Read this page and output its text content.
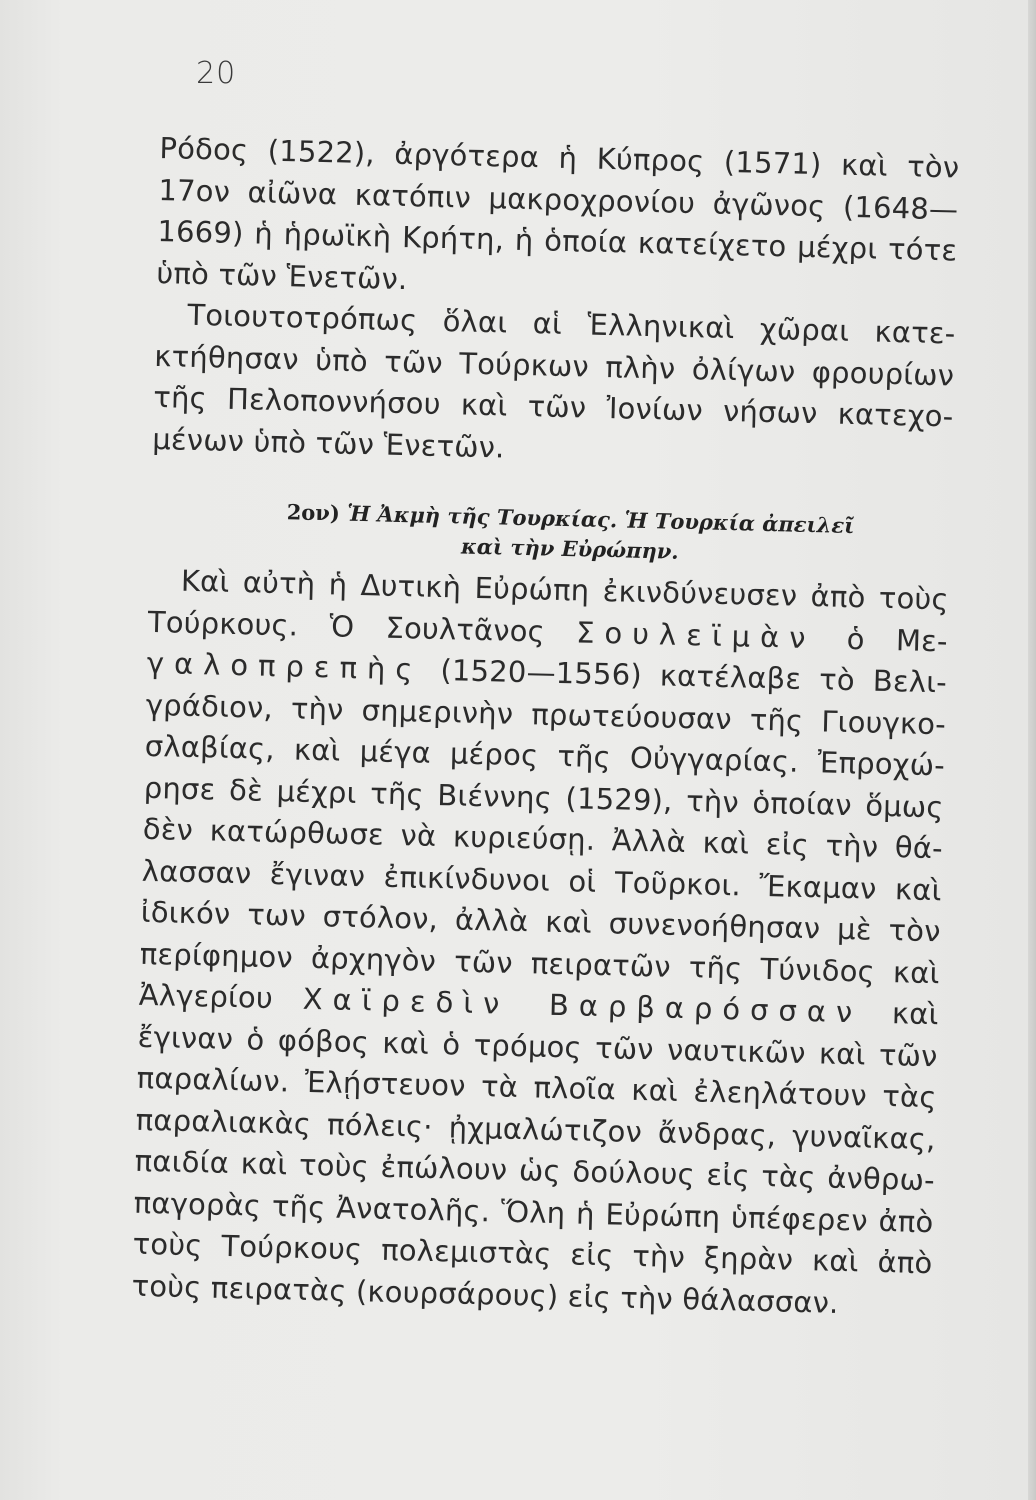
20

Ρόδος (1522), ἀργότερα ἡ Κύπρος (1571) καὶ τὸν 17ον αἰῶνα κατόπιν μακροχρονίου ἀγῶνος (1648—1669) ἡ ἡρωϊκὴ Κρήτη, ἡ ὁποία κατείχετο μέχρι τότε ὑπὸ τῶν Ἑνετῶν.

Τοιουτοτρόπως ὅλαι αἱ Ἑλληνικαὶ χῶραι κατεκτήθησαν ὑπὸ τῶν Τούρκων πλὴν ὀλίγων φρουρίων τῆς Πελοποννήσου καὶ τῶν Ἰονίων νήσων κατεχομένων ὑπὸ τῶν Ἑνετῶν.

2ον) Ἡ Ἀκμὴ τῆς Τουρκίας. Ἡ Τουρκία ἀπειλεῖ
καὶ τὴν Εὐρώπην.

Καὶ αὐτὴ ἡ Δυτικὴ Εὐρώπη ἐκινδύνευσεν ἀπὸ τοὺς Τούρκους. Ὁ Σουλτᾶνος Σουλεϊμὰν ὁ Με- γαλοπρεπὴς (1520—1556) κατέλαβε τὸ Βελιγράδιον, τὴν σημερινὴν πρωτεύουσαν τῆς Γιουγκοσλαβίας, καὶ μέγα μέρος τῆς Οὐγγαρίας. Ἐπροχώρησε δὲ μέχρι τῆς Βιέννης (1529), τὴν ὁποίαν ὅμως δὲν κατώρθωσε νὰ κυριεύσῃ. Ἀλλὰ καὶ εἰς τὴν θάλασσαν ἔγιναν ἐπικίνδυνοι οἱ Τοῦρκοι. Ἔκαμαν καὶ ἰδικόν των στόλον, ἀλλὰ καὶ συνενοήθησαν μὲ τὸν περίφημον ἀρχηγὸν τῶν πειρατῶν τῆς Τύνιδος καὶ Ἀλγερίου Χαϊρεδὶν Βαρβαρόσσαν καὶ ἔγιναν ὁ φόβος καὶ ὁ τρόμος τῶν ναυτικῶν καὶ τῶν παραλίων. Ἐλῄστευον τὰ πλοῖα καὶ ἐλεηλάτουν τὰς παραλιακὰς πόλεις· ᾐχμαλώτιζον ἄνδρας, γυναῖκας, παιδία καὶ τοὺς ἐπώλουν ὡς δούλους εἰς τὰς ἀνθρωπαγορὰς τῆς Ἀνατολῆς. Ὅλη ἡ Εὐρώπη ὑπέφερεν ἀπὸ τοὺς Τούρκους πολεμιστὰς εἰς τὴν ξηρὰν καὶ ἀπὸ τοὺς πειρατὰς (κουρσάρους) εἰς τὴν θάλασσαν.
